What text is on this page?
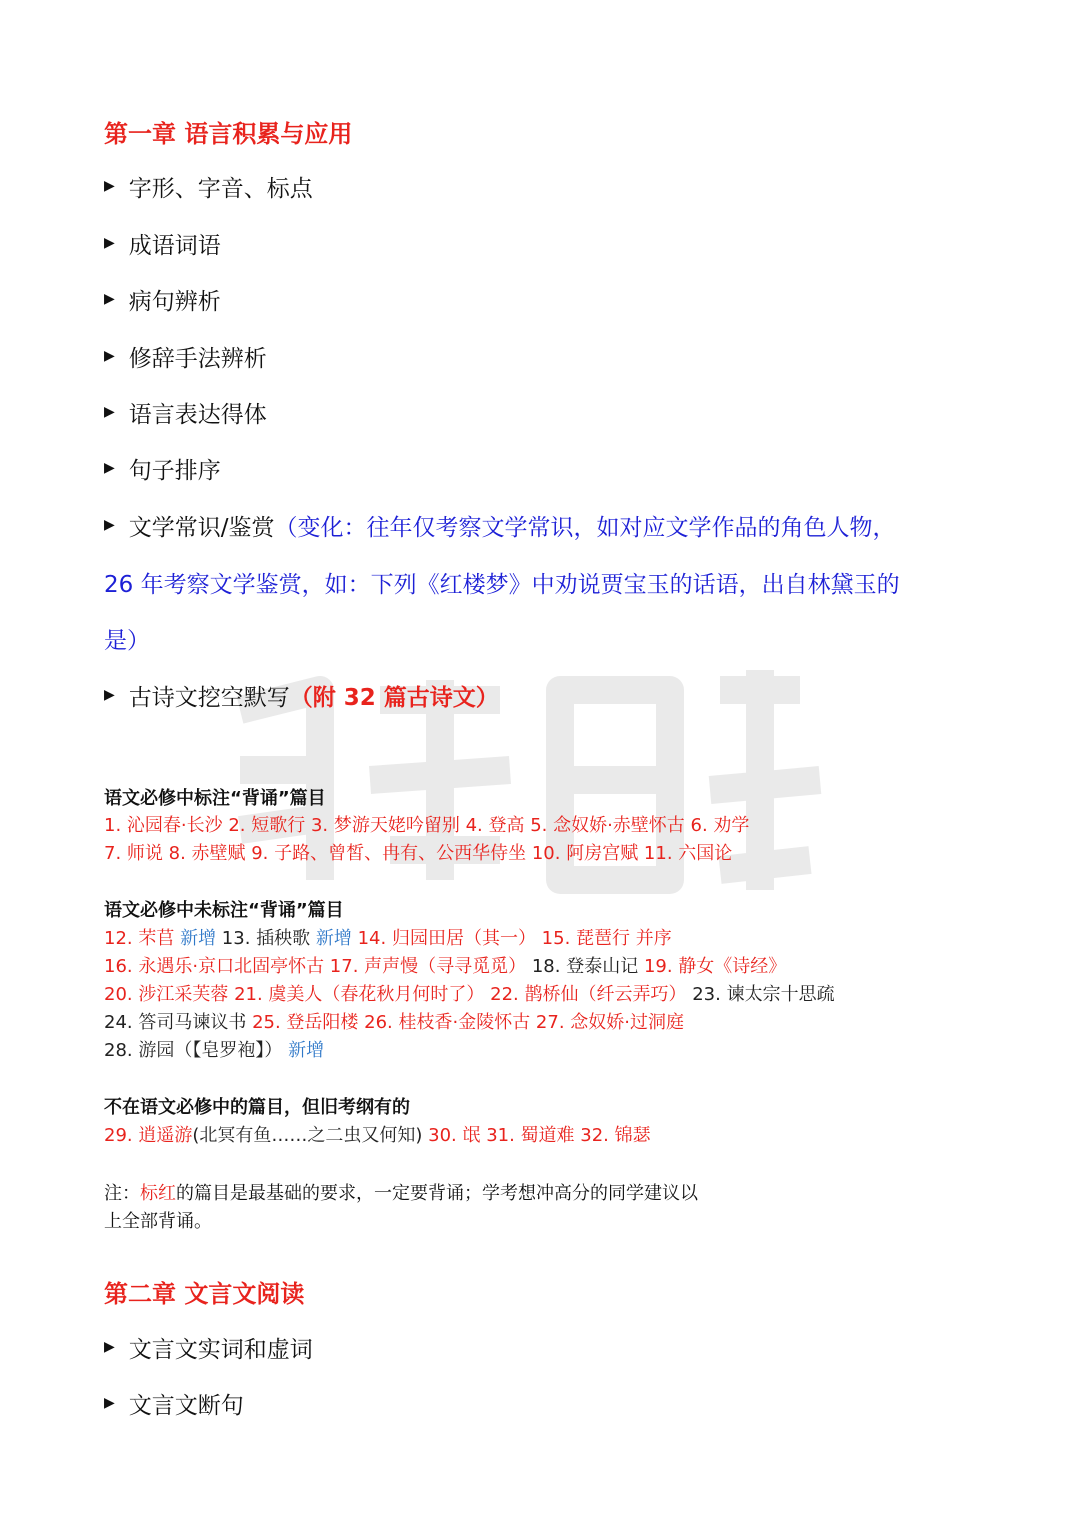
第一章 语言积累与应用
▶ 字形、字音、标点
▶ 成语词语
▶ 病句辨析
▶ 修辞手法辨析
▶ 语言表达得体
▶ 句子排序
▶ 文学常识/鉴赏 （变化：往年仅考察文学常识，如对应文学作品的角色人物，
26 年考察文学鉴赏，如：下列《红楼梦》中劝说贾宝玉的话语，出自林黛玉的
是）
▶ 古诗文挖空默写 （附 32 篇古诗文）
语文必修中标注“背诵”篇目
1. 沁园春·长沙 2. 短歌行 3. 梦游天姥吟留别 4. 登高 5. 念奴娇·赤壁怀古 6. 劝学
7. 师说 8. 赤壁赋 9. 子路、曾皙、冉有、公西华侍坐 10. 阿房宫赋 11. 六国论
语文必修中未标注“背诵”篇目
12. 芣苢 新增 13. 插秧歌 新增 14. 归园田居（其一） 15. 琵琶行 并序
16. 永遇乐·京口北固亭怀古 17. 声声慢（寻寻觅觅） 18. 登泰山记 19. 静女《诗经》
20. 涉江采芙蓉 21. 虞美人（春花秋月何时了） 22. 鹊桥仙（纤云弄巧） 23. 谏太宗十思疏
24. 答司马谏议书 25. 登岳阳楼 26. 桂枝香·金陵怀古 27. 念奴娇·过洞庭
28. 游园（【皂罗袍】） 新增
不在语文必修中的篇目，但旧考纲有的
29. 逍遥游(北冥有鱼……之二虫又何知) 30. 氓 31. 蜀道难 32. 锦瑟
注：标红的篇目是最基础的要求，一定要背诵；学考想冲高分的同学建议以
上全部背诵。
第二章 文言文阅读
▶ 文言文实词和虚词
▶ 文言文断句
